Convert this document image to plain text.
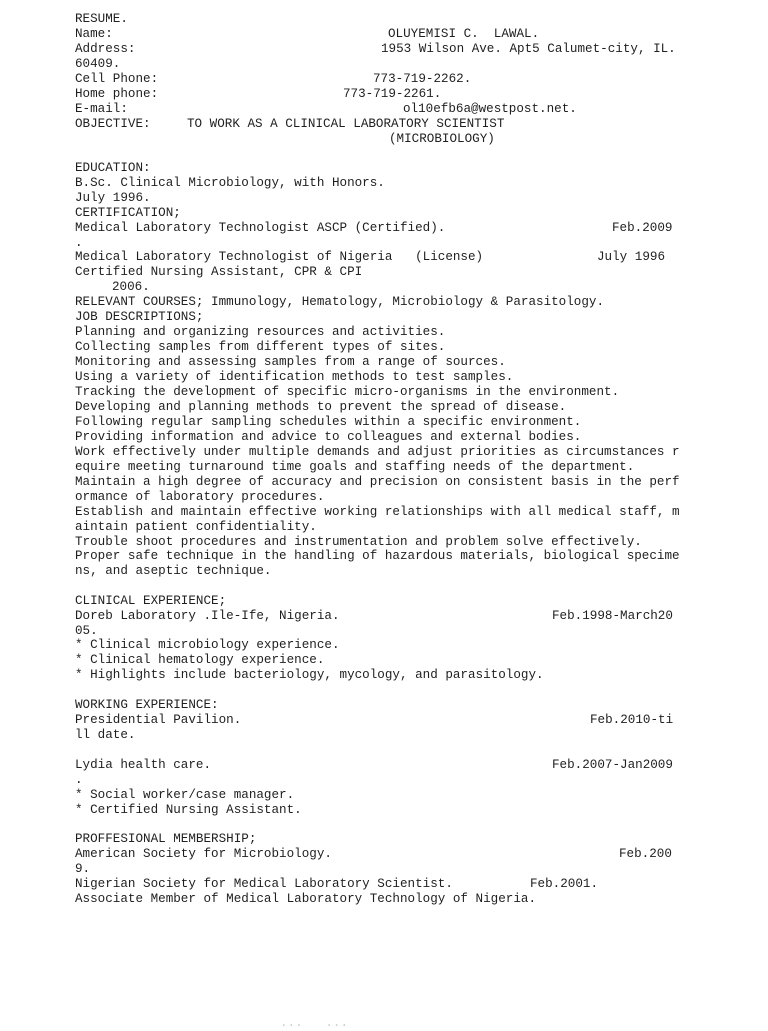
RESUME.

Name:	OLUYEMISI C.  LAWAL.

Address:	1953 Wilson Ave. Apt5 Calumet-city, IL.

60409.

Cell Phone:	773-719-2262.

Home phone:	773-719-2261.

E-mail:	ol10efb6a@westpost.net.

OBJECTIVE:	TO WORK AS A CLINICAL LABORATORY SCIENTIST

(MICROBIOLOGY)

EDUCATION:

B.Sc. Clinical Microbiology, with Honors.

July 1996.

CERTIFICATION;

Medical Laboratory Technologist ASCP (Certified).	Feb.2009

.

Medical Laboratory Technologist of Nigeria   (License)	July 1996

Certified Nursing Assistant, CPR & CPI

2006.

RELEVANT COURSES; Immunology, Hematology, Microbiology & Parasitology.

JOB DESCRIPTIONS;

Planning and organizing resources and activities.

Collecting samples from different types of sites.

Monitoring and assessing samples from a range of sources.

Using a variety of identification methods to test samples.

Tracking the development of specific micro-organisms in the environment.

Developing and planning methods to prevent the spread of disease.

Following regular sampling schedules within a specific environment.

Providing information and advice to colleagues and external bodies.

Work effectively under multiple demands and adjust priorities as circumstances r

equire meeting turnaround time goals and staffing needs of the department.

Maintain a high degree of accuracy and precision on consistent basis in the perf

ormance of laboratory procedures.

Establish and maintain effective working relationships with all medical staff, m

aintain patient confidentiality.

Trouble shoot procedures and instrumentation and problem solve effectively.

Proper safe technique in the handling of hazardous materials, biological specime

ns, and aseptic technique.

CLINICAL EXPERIENCE;

Doreb Laboratory .Ile-Ife, Nigeria.	Feb.1998-March20

05.

* Clinical microbiology experience.

* Clinical hematology experience.

* Highlights include bacteriology, mycology, and parasitology.

WORKING EXPERIENCE:

Presidential Pavilion.	Feb.2010-ti

ll date.

Lydia health care.	Feb.2007-Jan2009

.

* Social worker/case manager.

* Certified Nursing Assistant.

PROFFESIONAL MEMBERSHIP;

American Society for Microbiology.	Feb.200

9.

Nigerian Society for Medical Laboratory Scientist.	Feb.2001.

Associate Member of Medical Laboratory Technology of Nigeria.

...   ...
